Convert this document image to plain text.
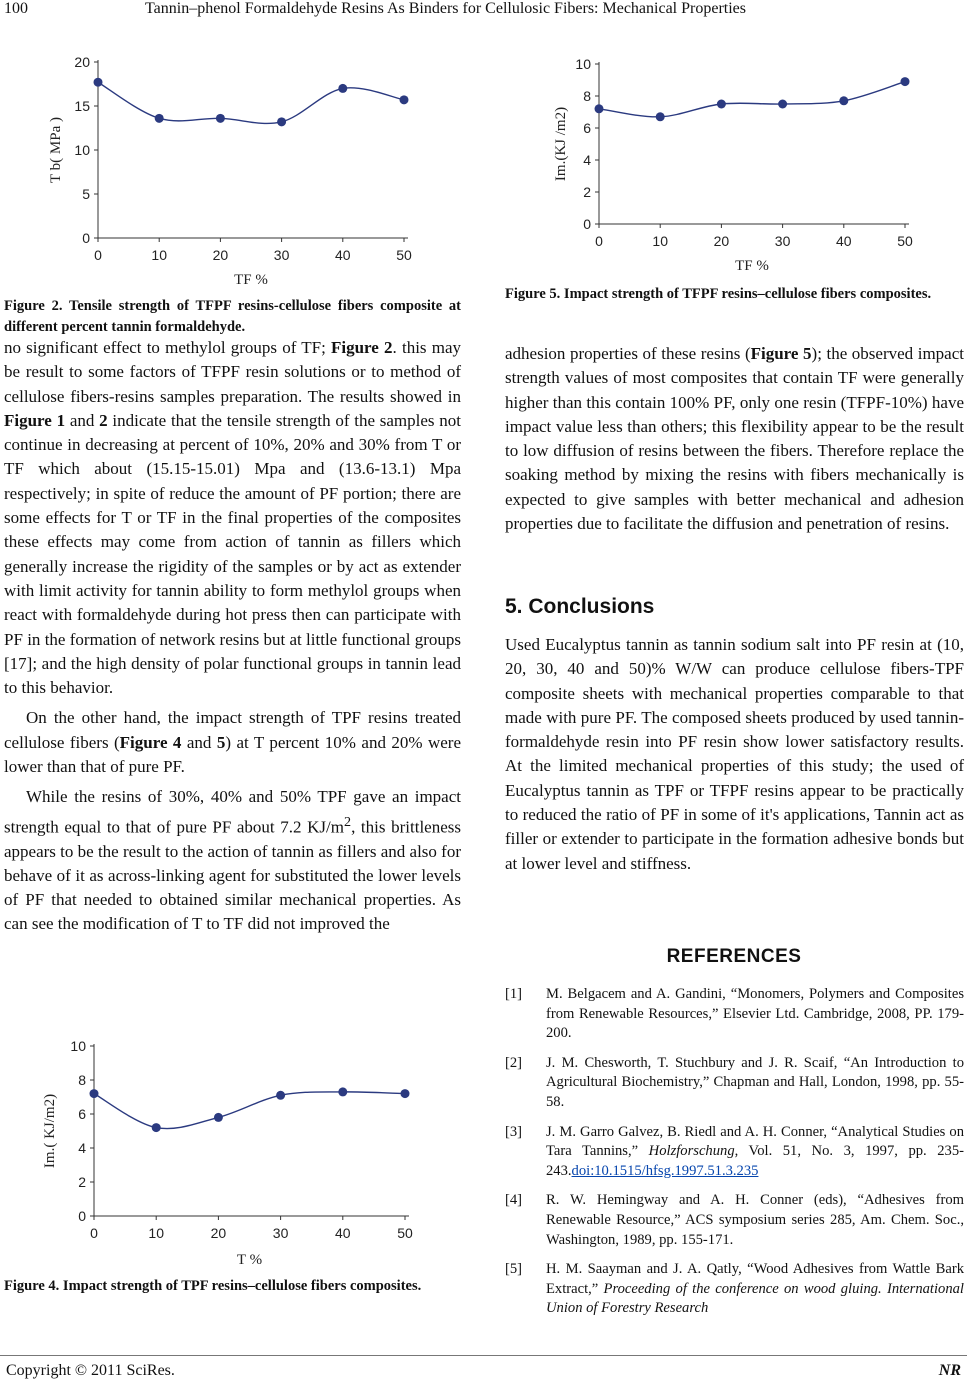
100	Tannin–phenol Formaldehyde Resins As Binders for Cellulosic Fibers: Mechanical Properties
0
5
10
15
20
0	10	20	30	40	50
TF %
T b( MPa )
Figure 2. Tensile strength of TFPF resins-cellulose fibers composite at different percent tannin formaldehyde.
0
2
4
6
8
10
0	10	20	30	40	50
TF %
Im.(KJ /m2)
Figure 5. Impact strength of TFPF resins–cellulose fibers composites.

no significant effect to methylol groups of TF; Figure 2. this may be result to some factors of TFPF resin solutions or to method of cellulose fibers-resins samples preparation. The results showed in Figure 1 and 2 indicate that the tensile strength of the samples not continue in decreasing at percent of 10%, 20% and 30% from T or TF which about (15.15-15.01) Mpa and (13.6-13.1) Mpa respectively; in spite of reduce the amount of PF portion; there are some effects for T or TF in the final properties of the composites these effects may come from action of tannin as fillers which generally increase the rigidity of the samples or by act as extender with limit activity for tannin ability to form methylol groups when react with formaldehyde during hot press then can participate with PF in the formation of network resins but at little functional groups [17]; and the high density of polar functional groups in tannin lead to this behavior.

On the other hand, the impact strength of TPF resins treated cellulose fibers (Figure 4 and 5) at T percent 10% and 20% were lower than that of pure PF.

While the resins of 30%, 40% and 50% TPF gave an impact strength equal to that of pure PF about 7.2 $KJ/m^2$, this brittleness appears to be the result to the action of tannin as fillers and also for behave of it as across-linking agent for substituted the lower levels of PF that needed to obtained similar mechanical properties. As can see the modification of T to TF did not improved the

0
2
4
6
8
10
0	10	20	30	40	50
T %
Im.( KJ/m2)
Figure 4. Impact strength of TPF resins–cellulose fibers composites.

adhesion properties of these resins (Figure 5); the observed impact strength values of most composites that contain TF were generally higher than this contain 100% PF, only one resin (TFPF-10%) have impact value less than others; this flexibility appear to be the result to low diffusion of resins between the fibers. Therefore replace the soaking method by mixing the resins with fibers mechanically is expected to give samples with better mechanical and adhesion properties due to facilitate the diffusion and penetration of resins.

5. Conclusions

Used Eucalyptus tannin as tannin sodium salt into PF resin at (10, 20, 30, 40 and 50)% W/W can produce cellulose fibers-TPF composite sheets with mechanical properties comparable to that made with pure PF. The composed sheets produced by used tannin-formaldehyde resin into PF resin show lower satisfactory results. At the limited mechanical properties of this study; the used of Eucalyptus tannin as TPF or TFPF resins appear to be practically to reduced the ratio of PF in some of it's applications, Tannin act as filler or extender to participate in the formation adhesive bonds but at lower level and stiffness.

REFERENCES
[1] M. Belgacem and A. Gandini, “Monomers, Polymers and Composites from Renewable Resources,” Elsevier Ltd. Cambridge, 2008, PP. 179-200.
[2] J. M. Chesworth, T. Stuchbury and J. R. Scaif, “An Introduction to Agricultural Biochemistry,” Chapman and Hall, London, 1998, pp. 55-58.
[3] J. M. Garro Galvez, B. Riedl and A. H. Conner, “Analytical Studies on Tara Tannins,” Holzforschung, Vol. 51, No. 3, 1997, pp. 235-243.doi:10.1515/hfsg.1997.51.3.235
[4] R. W. Hemingway and A. H. Conner (eds), “Adhesives from Renewable Resource,” ACS symposium series 285, Am. Chem. Soc., Washington, 1989, pp. 155-171.
[5] H. M. Saayman and J. A. Qatly, “Wood Adhesives from Wattle Bark Extract,” Proceeding of the conference on wood gluing. International Union of Forestry Research
Copyright © 2011 SciRes.	NR
